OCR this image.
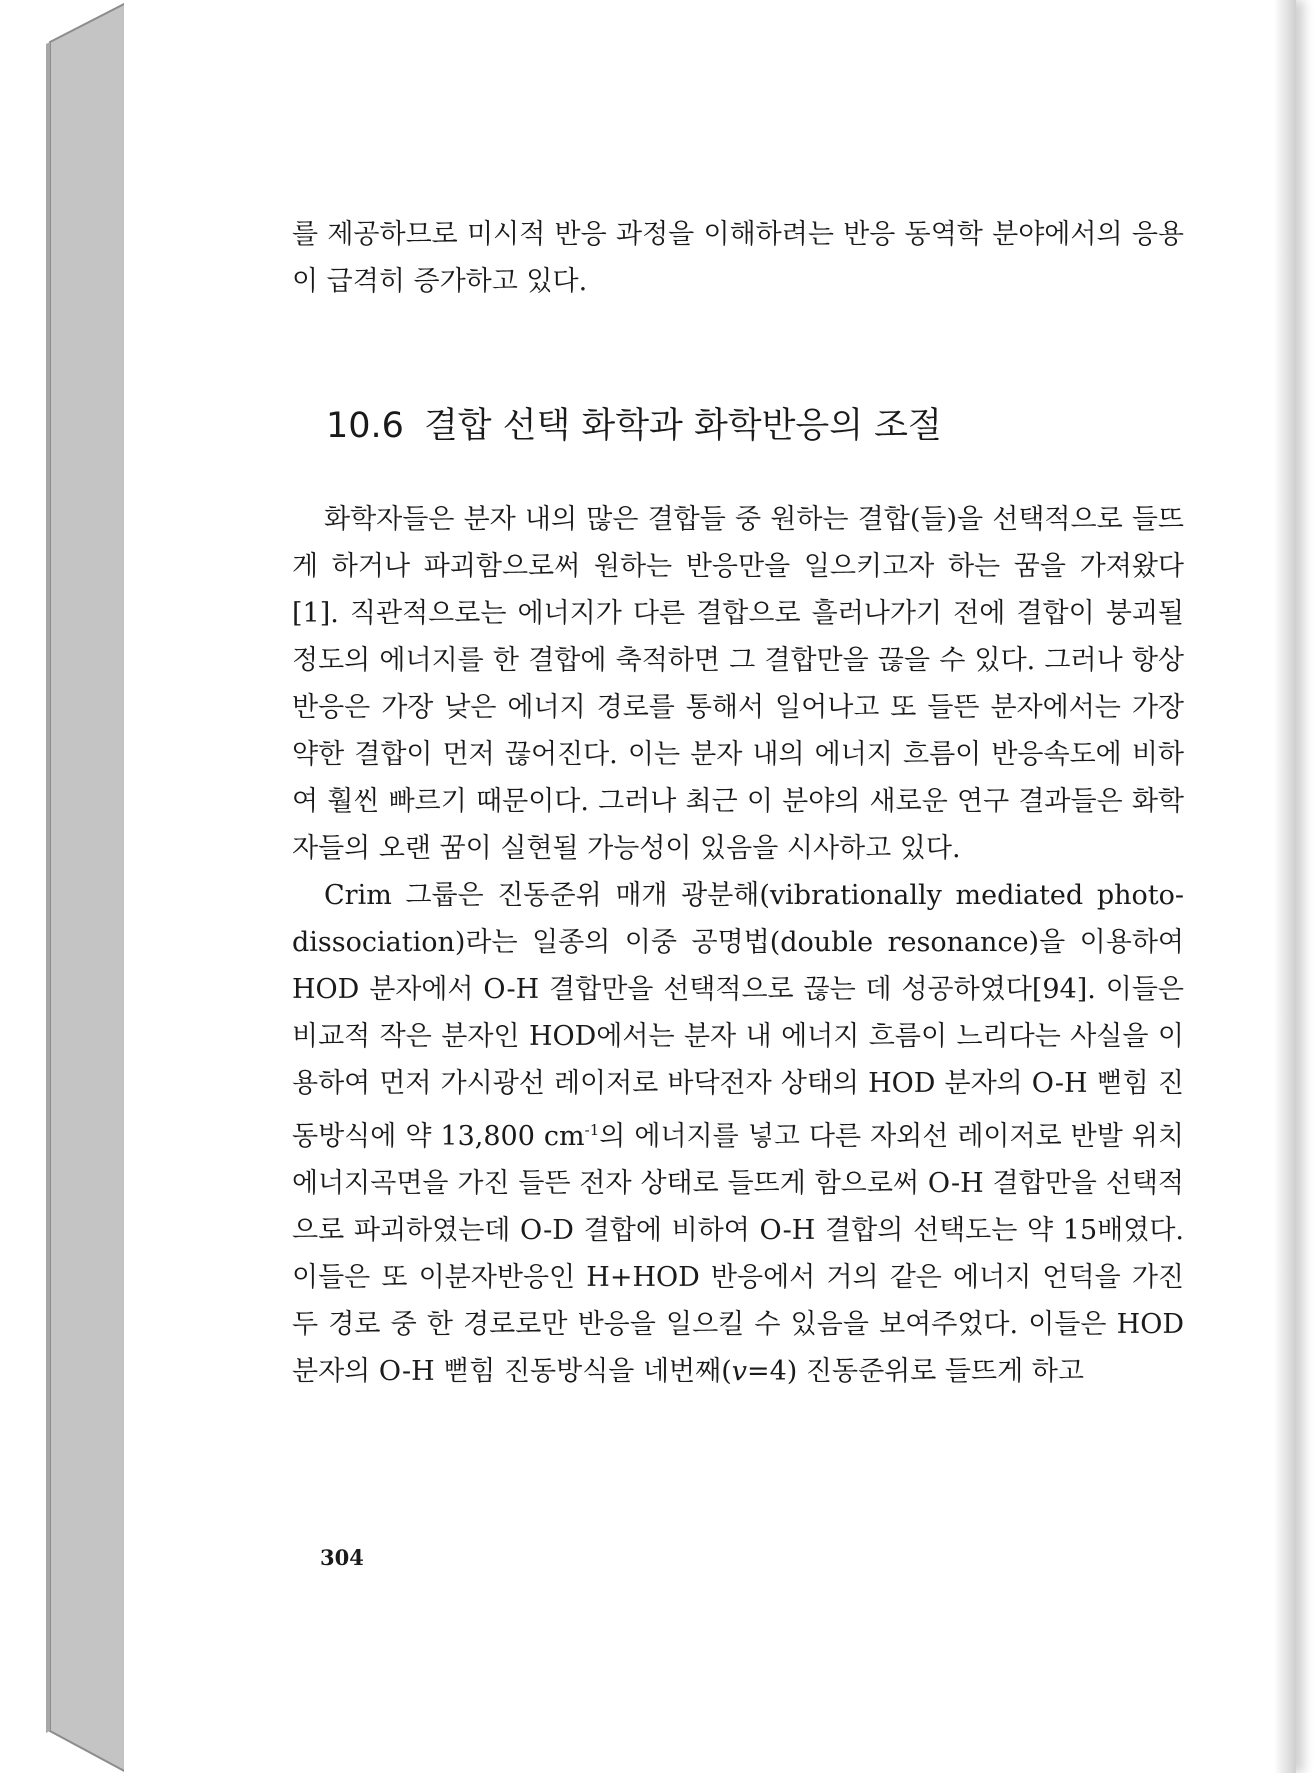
를 제공하므로 미시적 반응 과정을 이해하려는 반응 동역학 분야에서의 응용이 급격히 증가하고 있다.
10.6 결합 선택 화학과 화학반응의 조절

화학자들은 분자 내의 많은 결합들 중 원하는 결합(들)을 선택적으로 들뜨게 하거나 파괴함으로써 원하는 반응만을 일으키고자 하는 꿈을 가져왔다[1]. 직관적으로는 에너지가 다른 결합으로 흘러나가기 전에 결합이 붕괴될 정도의 에너지를 한 결합에 축적하면 그 결합만을 끊을 수 있다. 그러나 항상 반응은 가장 낮은 에너지 경로를 통해서 일어나고 또 들뜬 분자에서는 가장 약한 결합이 먼저 끊어진다. 이는 분자 내의 에너지 흐름이 반응속도에 비하여 훨씬 빠르기 때문이다. 그러나 최근 이 분야의 새로운 연구 결과들은 화학자들의 오랜 꿈이 실현될 가능성이 있음을 시사하고 있다.

Crim 그룹은 진동준위 매개 광분해(vibrationally mediated photo-dissociation)라는 일종의 이중 공명법(double resonance)을 이용하여 HOD 분자에서 O-H 결합만을 선택적으로 끊는 데 성공하였다[94]. 이들은 비교적 작은 분자인 HOD에서는 분자 내 에너지 흐름이 느리다는 사실을 이용하여 먼저 가시광선 레이저로 바닥전자 상태의 HOD 분자의 O-H 뻗힘 진동방식에 약 13,800 $cm^{-1}$의 에너지를 넣고 다른 자외선 레이저로 반발 위치에너지곡면을 가진 들뜬 전자 상태로 들뜨게 함으로써 O-H 결합만을 선택적으로 파괴하였는데 O-D 결합에 비하여 O-H 결합의 선택도는 약 15배였다. 이들은 또 이분자반응인 H+HOD 반응에서 거의 같은 에너지 언덕을 가진 두 경로 중 한 경로로만 반응을 일으킬 수 있음을 보여주었다. 이들은 HOD 분자의 O-H 뻗힘 진동방식을 네번째(v=4) 진동준위로 들뜨게 하고

304
